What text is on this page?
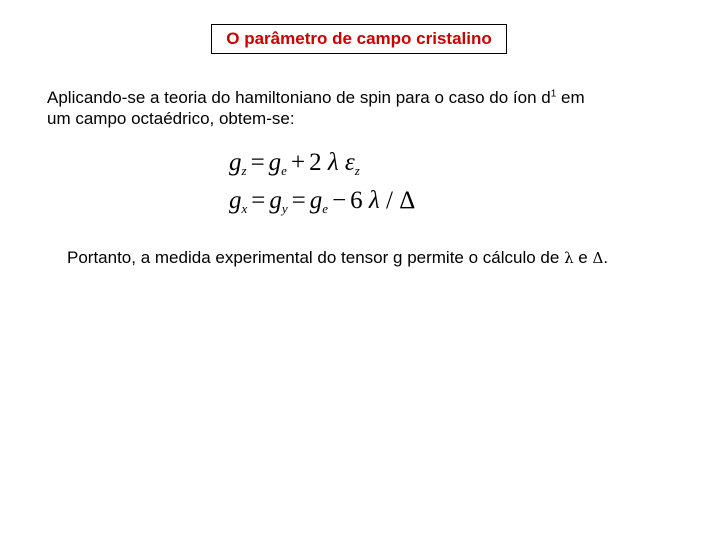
O parâmetro de campo cristalino

Aplicando-se a teoria do hamiltoniano de spin para o caso do íon $d^1$ em
um campo octaédrico, obtem-se:

$g_z = g_e + 2$ λ $\varepsilon_z$
$g_x = g_y = g_e - 6$ λ / Δ

Portanto, a medida experimental do tensor g permite o cálculo de λ e Δ.
